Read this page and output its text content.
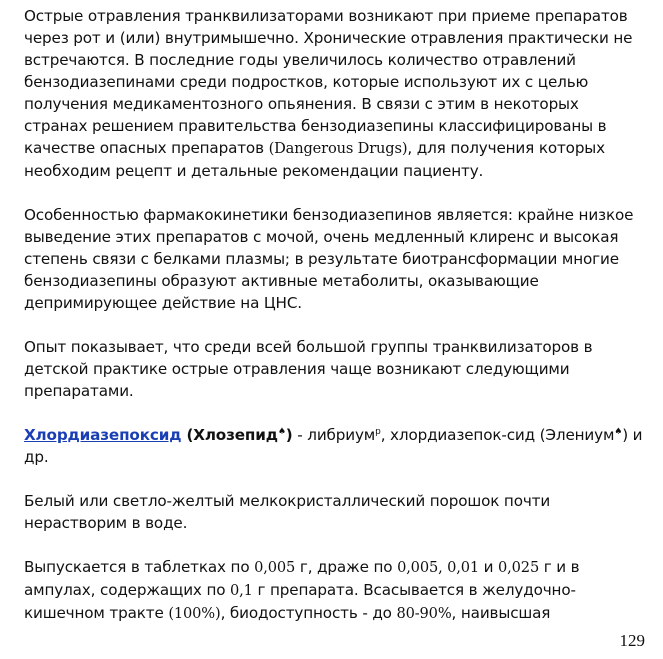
Острые отравления транквилизаторами возникают при приеме препаратов через рот и (или) внутримышечно. Хронические отравления практически не встречаются. В последние годы увеличилось количество отравлений бензодиазепинами среди подростков, которые используют их с целью получения медикаментозного опьянения. В связи с этим в некоторых странах решением правительства бензодиазепины классифицированы в качестве опасных препаратов (Dangerous Drugs), для получения которых необходим рецепт и детальные рекомендации пациенту.

Особенностью фармакокинетики бензодиазепинов является: крайне низкое выведение этих препаратов с мочой, очень медленный клиренс и высокая степень связи с белками плазмы; в результате биотрансформации многие бензодиазепины образуют активные метаболиты, оказывающие депримирующее действие на ЦНС.

Опыт показывает, что среди всей большой группы транквилизаторов в детской практике острые отравления чаще возникают следующими препаратами.

Хлордиазепоксид (Хлозепид♠) - либриум$^р$, хлордиазепок-сид (Элениум♠) и др.

Белый или светло-желтый мелкокристаллический порошок почти нерастворим в воде.

Выпускается в таблетках по 0,005 г, драже по 0,005, 0,01 и 0,025 г и в ампулах, содержащих по 0,1 г препарата. Всасывается в желудочно-кишечном тракте (100%), биодоступность - до 80-90%, наивысшая

129
